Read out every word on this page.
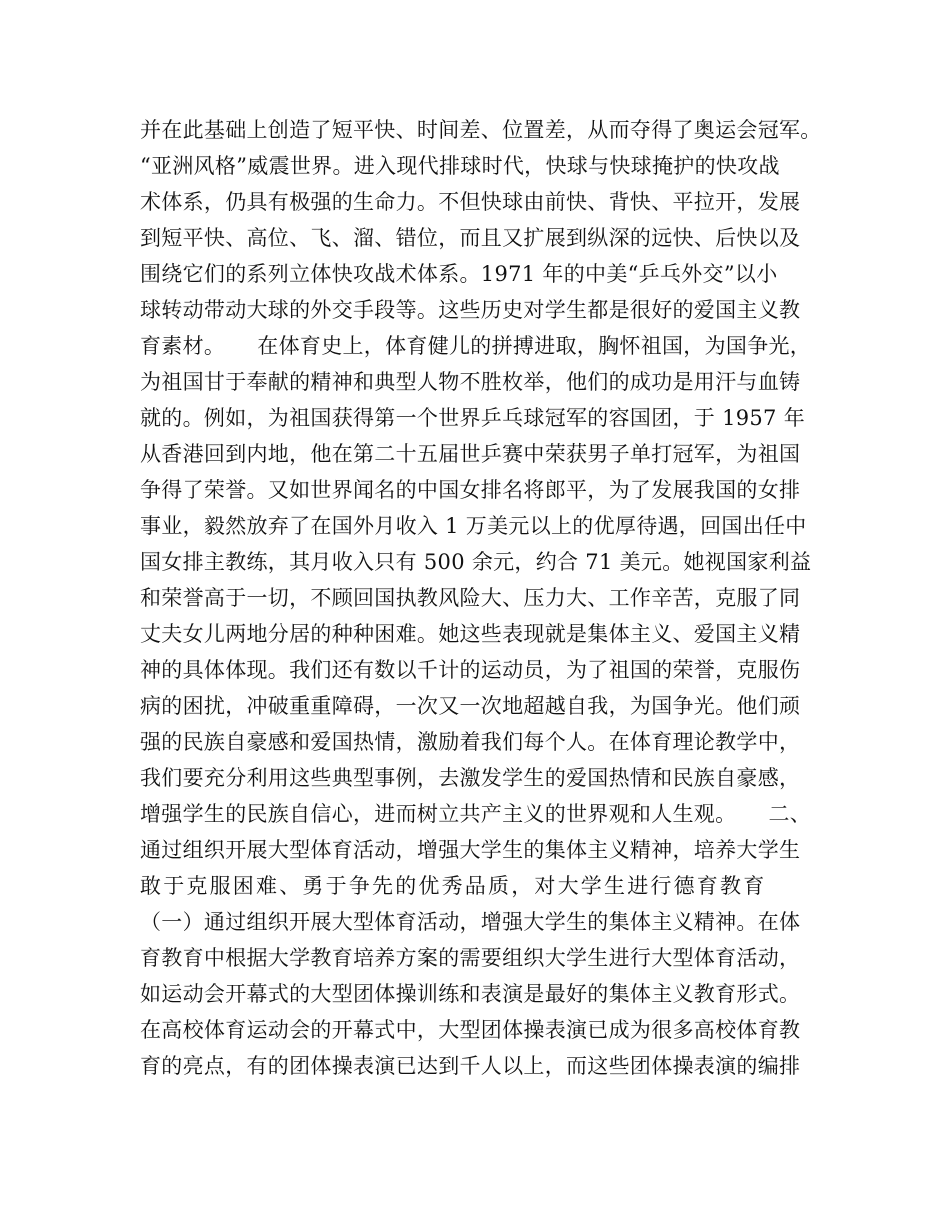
并在此基础上创造了短平快、时间差、位置差，从而夺得了奥运会冠军。
“亚洲风格”威震世界。进入现代排球时代，快球与快球掩护的快攻战
术体系，仍具有极强的生命力。不但快球由前快、背快、平拉开，发展
到短平快、高位、飞、溜、错位，而且又扩展到纵深的远快、后快以及
围绕它们的系列立体快攻战术体系。1971 年的中美“乒乓外交”以小
球转动带动大球的外交手段等。这些历史对学生都是很好的爱国主义教
育素材。　　在体育史上，体育健儿的拼搏进取，胸怀祖国，为国争光，
为祖国甘于奉献的精神和典型人物不胜枚举，他们的成功是用汗与血铸
就的。例如，为祖国获得第一个世界乒乓球冠军的容国团，于 1957 年
从香港回到内地，他在第二十五届世乒赛中荣获男子单打冠军，为祖国
争得了荣誉。又如世界闻名的中国女排名将郎平，为了发展我国的女排
事业，毅然放弃了在国外月收入 1 万美元以上的优厚待遇，回国出任中
国女排主教练，其月收入只有 500 余元，约合 71 美元。她视国家利益
和荣誉高于一切，不顾回国执教风险大、压力大、工作辛苦，克服了同
丈夫女儿两地分居的种种困难。她这些表现就是集体主义、爱国主义精
神的具体体现。我们还有数以千计的运动员，为了祖国的荣誉，克服伤
病的困扰，冲破重重障碍，一次又一次地超越自我，为国争光。他们顽
强的民族自豪感和爱国热情，激励着我们每个人。在体育理论教学中，
我们要充分利用这些典型事例，去激发学生的爱国热情和民族自豪感，
增强学生的民族自信心，进而树立共产主义的世界观和人生观。　　二、
通过组织开展大型体育活动，增强大学生的集体主义精神，培养大学生
敢于克服困难、勇于争先的优秀品质，对大学生进行德育教育
（一）通过组织开展大型体育活动，增强大学生的集体主义精神。在体
育教育中根据大学教育培养方案的需要组织大学生进行大型体育活动，
如运动会开幕式的大型团体操训练和表演是最好的集体主义教育形式。
在高校体育运动会的开幕式中，大型团体操表演已成为很多高校体育教
育的亮点，有的团体操表演已达到千人以上，而这些团体操表演的编排
